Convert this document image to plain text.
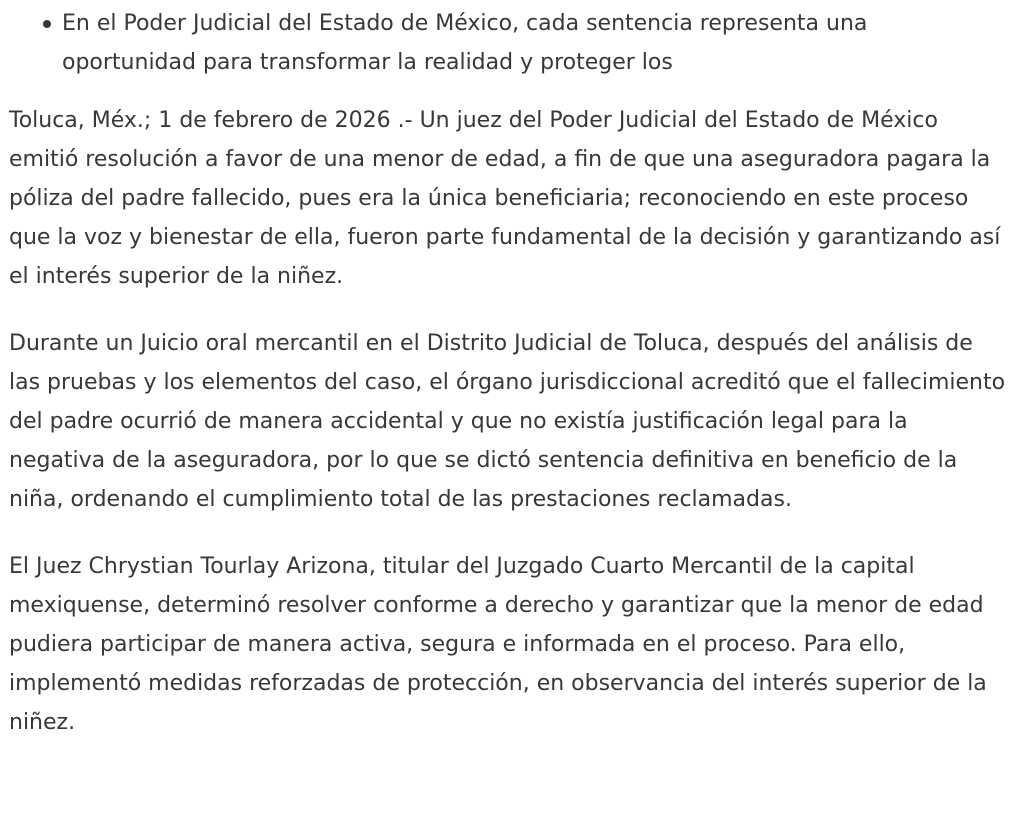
En el Poder Judicial del Estado de México, cada sentencia representa una oportunidad para transformar la realidad y proteger los

Toluca, Méx.; 1 de febrero de 2026 .- Un juez del Poder Judicial del Estado de México emitió resolución a favor de una menor de edad, a fin de que una aseguradora pagara la póliza del padre fallecido, pues era la única beneficiaria; reconociendo en este proceso que la voz y bienestar de ella, fueron parte fundamental de la decisión y garantizando así el interés superior de la niñez.

Durante un Juicio oral mercantil en el Distrito Judicial de Toluca, después del análisis de las pruebas y los elementos del caso, el órgano jurisdiccional acreditó que el fallecimiento del padre ocurrió de manera accidental y que no existía justificación legal para la negativa de la aseguradora, por lo que se dictó sentencia definitiva en beneficio de la niña, ordenando el cumplimiento total de las prestaciones reclamadas.

El Juez Chrystian Tourlay Arizona, titular del Juzgado Cuarto Mercantil de la capital mexiquense, determinó resolver conforme a derecho y garantizar que la menor de edad pudiera participar de manera activa, segura e informada en el proceso. Para ello, implementó medidas reforzadas de protección, en observancia del interés superior de la niñez.
